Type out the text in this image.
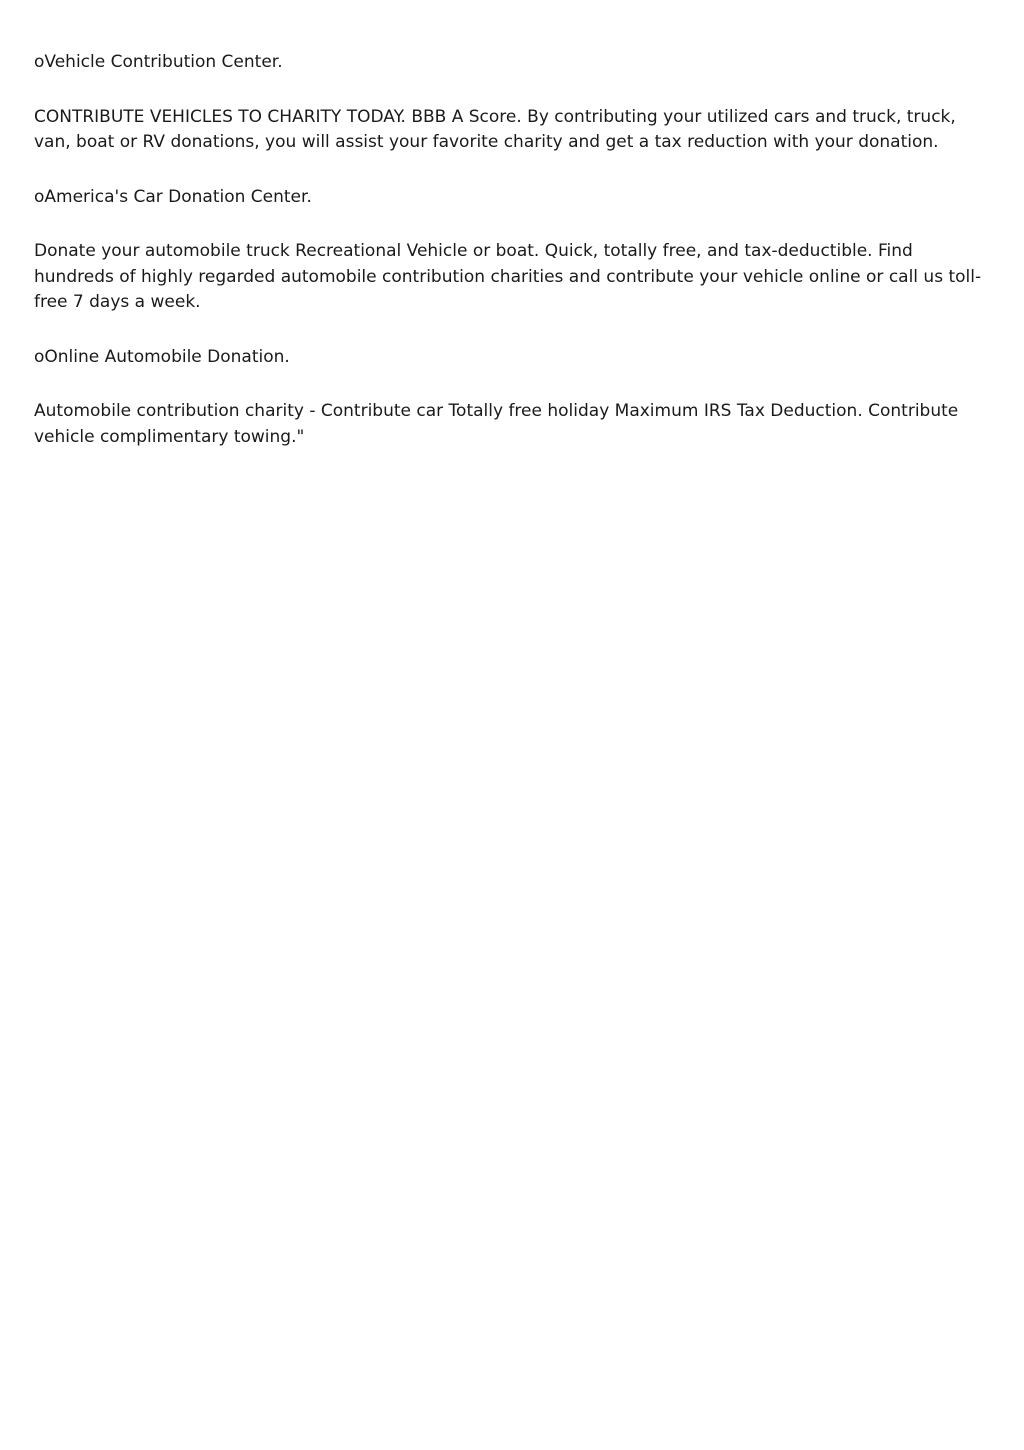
oVehicle Contribution Center.

CONTRIBUTE VEHICLES TO CHARITY TODAY. BBB A Score. By contributing your utilized cars and truck, truck, van, boat or RV donations, you will assist your favorite charity and get a tax reduction with your donation.

oAmerica's Car Donation Center.

Donate your automobile truck Recreational Vehicle or boat. Quick, totally free, and tax-deductible. Find hundreds of highly regarded automobile contribution charities and contribute your vehicle online or call us toll-free 7 days a week.

oOnline Automobile Donation.

Automobile contribution charity - Contribute car Totally free holiday Maximum IRS Tax Deduction. Contribute vehicle complimentary towing."
